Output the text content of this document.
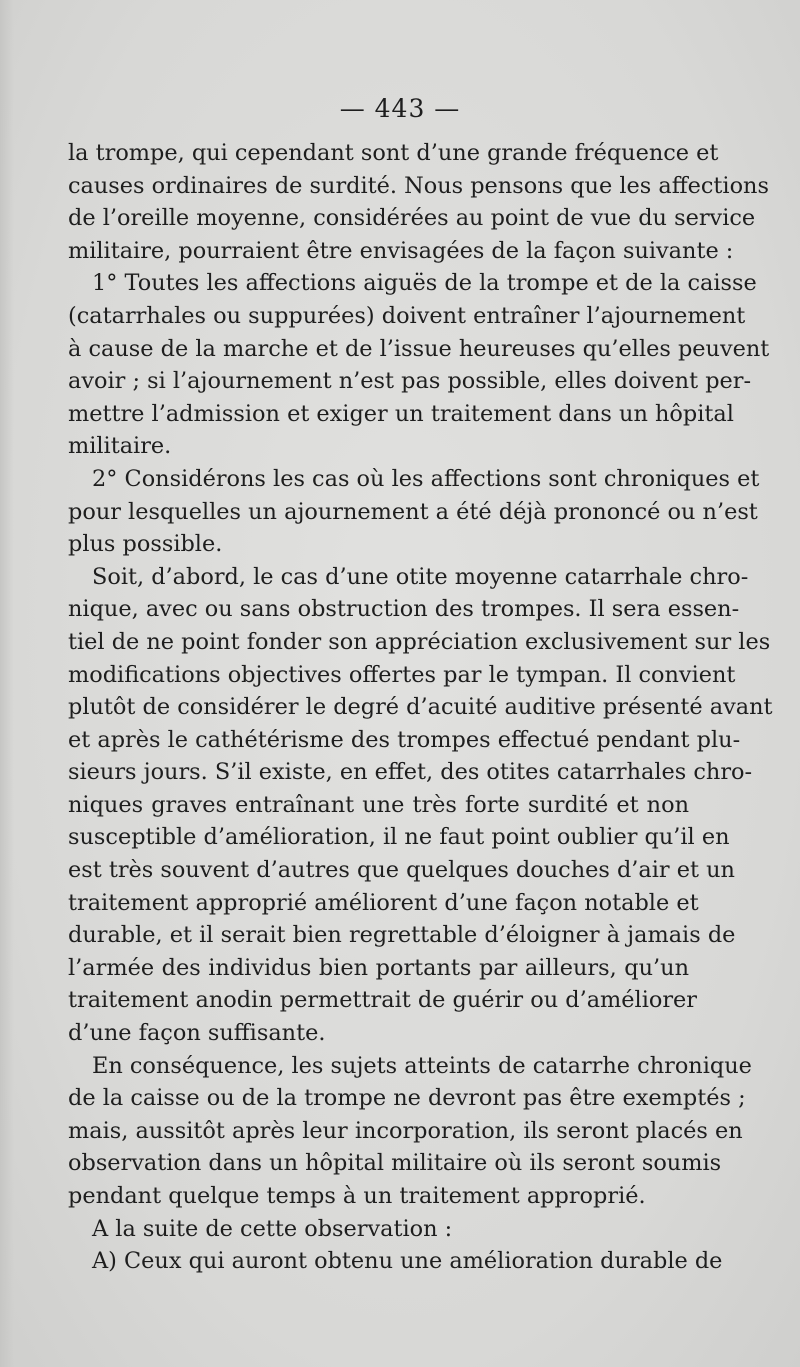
— 443 —
la trompe, qui cependant sont d’une grande fréquence et
causes ordinaires de surdité. Nous pensons que les affections
de l’oreille moyenne, considérées au point de vue du service
militaire, pourraient être envisagées de la façon suivante :
1° Toutes les affections aiguës de la trompe et de la caisse
(catarrhales ou suppurées) doivent entraîner l’ajournement
à cause de la marche et de l’issue heureuses qu’elles peuvent
avoir ; si l’ajournement n’est pas possible, elles doivent per-
mettre l’admission et exiger un traitement dans un hôpital
militaire.
2° Considérons les cas où les affections sont chroniques et
pour lesquelles un ajournement a été déjà prononcé ou n’est
plus possible.
Soit, d’abord, le cas d’une otite moyenne catarrhale chro-
nique, avec ou sans obstruction des trompes. Il sera essen-
tiel de ne point fonder son appréciation exclusivement sur les
modifications objectives offertes par le tympan. Il convient
plutôt de considérer le degré d’acuité auditive présenté avant
et après le cathétérisme des trompes effectué pendant plu-
sieurs jours. S’il existe, en effet, des otites catarrhales chro-
niques graves entraînant une très forte surdité et non
susceptible d’amélioration, il ne faut point oublier qu’il en
est très souvent d’autres que quelques douches d’air et un
traitement approprié améliorent d’une façon notable et
durable, et il serait bien regrettable d’éloigner à jamais de
l’armée des individus bien portants par ailleurs, qu’un
traitement anodin permettrait de guérir ou d’améliorer
d’une façon suffisante.
En conséquence, les sujets atteints de catarrhe chronique
de la caisse ou de la trompe ne devront pas être exemptés ;
mais, aussitôt après leur incorporation, ils seront placés en
observation dans un hôpital militaire où ils seront soumis
pendant quelque temps à un traitement approprié.
A la suite de cette observation :
A) Ceux qui auront obtenu une amélioration durable de
